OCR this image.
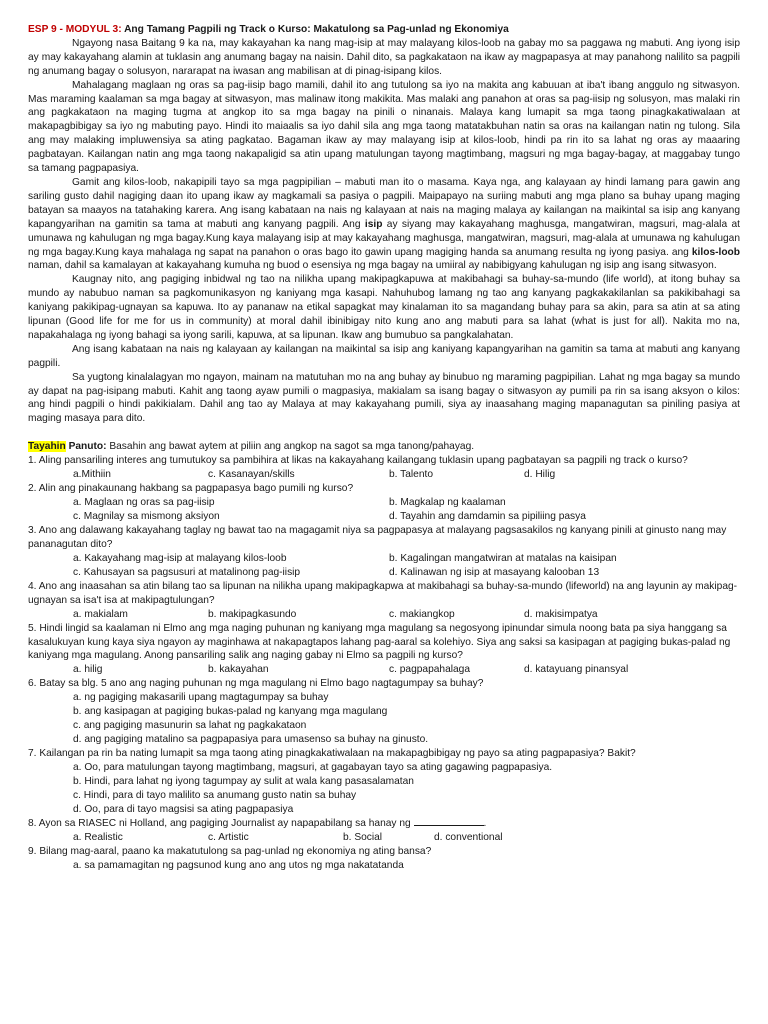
ESP 9 - MODYUL 3: Ang Tamang Pagpili ng Track o Kurso: Makatulong sa Pag-unlad ng Ekonomiya

Ngayong nasa Baitang 9 ka na, may kakayahan ka nang mag-isip at may malayang kilos-loob na gabay mo sa paggawa ng mabuti. Ang iyong isip ay may kakayahang alamin at tuklasin ang anumang bagay na naisin. Dahil dito, sa pagkakataon na ikaw ay magpapasya at may panahong nalilito sa pagpili ng anumang bagay o solusyon, nararapat na iwasan ang mabilisan at di pinag-isipang kilos.

Mahalagang maglaan ng oras sa pag-iisip bago mamili, dahil ito ang tutulong sa iyo na makita ang kabuuan at iba't ibang anggulo ng sitwasyon. Mas maraming kaalaman sa mga bagay at sitwasyon, mas malinaw itong makikita. Mas malaki ang panahon at oras sa pag-iisip ng solusyon, mas malaki rin ang pagkakataon na maging tugma at angkop ito sa mga bagay na pinili o ninanais. Malaya kang lumapit sa mga taong pinagkakatiwalaan at makapagbibigay sa iyo ng mabuting payo. Hindi ito maiaalis sa iyo dahil sila ang mga taong matatakbuhan natin sa oras na kailangan natin ng tulong. Sila ang may malaking impluwensiya sa ating pagkatao. Bagaman ikaw ay may malayang isip at kilos-loob, hindi pa rin ito sa lahat ng oras ay maaaring pagbatayan. Kailangan natin ang mga taong nakapaligid sa atin upang matulungan tayong magtimbang, magsuri ng mga bagay-bagay, at maggabay tungo sa tamang pagpapasiya.

Gamit ang kilos-loob, nakapipili tayo sa mga pagpipilian – mabuti man ito o masama. Kaya nga, ang kalayaan ay hindi lamang para gawin ang sariling gusto dahil nagiging daan ito upang ikaw ay magkamali sa pasiya o pagpili. Maipapayo na suriing mabuti ang mga plano sa buhay upang maging batayan sa maayos na tatahaking karera. Ang isang kabataan na nais ng kalayaan at nais na maging malaya ay kailangan na maikintal sa isip ang kanyang kapangyarihan na gamitin sa tama at mabuti ang kanyang pagpili. Ang isip ay siyang may kakayahang maghusga, mangatwiran, magsuri, mag-alala at umunawa ng kahulugan ng mga bagay.Kung kaya malayang isip at may kakayahang maghusga, mangatwiran, magsuri, mag-alala at umunawa ng kahulugan ng mga bagay.Kung kaya mahalaga ng sapat na panahon o oras bago ito gawin upang magiging handa sa anumang resulta ng iyong pasiya. ang kilos-loob naman, dahil sa kamalayan at kakayahang kumuha ng buod o esensiya ng mga bagay na umiiral ay nabibigyang kahulugan ng isip ang isang sitwasyon.

Kaugnay nito, ang pagiging inbidwal ng tao na nilikha upang makipagkapuwa at makibahagi sa buhay-sa-mundo (life world), at itong buhay sa mundo ay nabubuo naman sa pagkomunikasyon ng kaniyang mga kasapi. Nahuhubog lamang ng tao ang kanyang pagkakakilanlan sa pakikibahagi sa kaniyang pakikipag-ugnayan sa kapuwa. Ito ay pananaw na etikal sapagkat may kinalaman ito sa magandang buhay para sa akin, para sa atin at sa ating lipunan (Good life for me for us in community) at moral dahil ibinibigay nito kung ano ang mabuti para sa lahat (what is just for all). Nakita mo na, napakahalaga ng iyong bahagi sa iyong sarili, kapuwa, at sa lipunan. Ikaw ang bumubuo sa pangkalahatan.

Ang isang kabataan na nais ng kalayaan ay kailangan na maikintal sa isip ang kaniyang kapangyarihan na gamitin sa tama at mabuti ang kanyang pagpili.

Sa yugtong kinalalagyan mo ngayon, mainam na matutuhan mo na ang buhay ay binubuo ng maraming pagpipilian. Lahat ng mga bagay sa mundo ay dapat na pag-isipang mabuti. Kahit ang taong ayaw pumili o magpasiya, makialam sa isang bagay o sitwasyon ay pumili pa rin sa isang aksyon o kilos: ang hindi pagpili o hindi pakikialam. Dahil ang tao ay Malaya at may kakayahang pumili, siya ay inaasahang maging mapanagutan sa piniling pasiya at maging masaya para dito.

Tayahin Panuto: Basahin ang bawat aytem at piliin ang angkop na sagot sa mga tanong/pahayag.

1. Aling pansariling interes ang tumutukoy sa pambihira at likas na kakayahang kailangang tuklasin upang pagbatayan sa pagpili ng track o kurso?

a.Mithiin	c. Kasanayan/skills	b. Talento	d. Hilig

2. Alin ang pinakaunang hakbang sa pagpapasya bago pumili ng kurso?

a. Maglaan ng oras sa pag-iisip	b. Magkalap ng kaalaman
c. Magnilay sa mismong aksiyon	d. Tayahin ang damdamin sa pipiliing pasya

3. Ano ang dalawang kakayahang taglay ng bawat tao na magagamit niya sa pagpapasya at malayang pagsasakilos ng kanyang pinili at ginusto nang may pananagutan dito?

a. Kakayahang mag-isip at malayang kilos-loob	b. Kagalingan mangatwiran at matalas na kaisipan
c. Kahusayan sa pagsusuri at matalinong pag-iisip	d. Kalinawan ng isip at masayang kalooban 13

4. Ano ang inaasahan sa atin bilang tao sa lipunan na nilikha upang makipagkapwa at makibahagi sa buhay-sa-mundo (lifeworld) na ang layunin ay makipag-ugnayan sa isa't isa at makipagtulungan?

a. makialam	b. makipagkasundo	c. makiangkop	d. makisimpatya

5. Hindi lingid sa kaalaman ni Elmo ang mga naging puhunan ng kaniyang mga magulang sa negosyong ipinundar simula noong bata pa siya hanggang sa kasalukuyan kung kaya siya ngayon ay maginhawa at nakapagtapos lahang pag-aaral sa kolehiyo. Siya ang saksi sa kasipagan at pagiging bukas-palad ng kaniyang mga magulang. Anong pansariling salik ang naging gabay ni Elmo sa pagpili ng kurso?

a. hilig	b. kakayahan	c. pagpapahalaga	d. katayuang pinansyal

6. Batay sa blg. 5 ano ang naging puhunan ng mga magulang ni Elmo bago nagtagumpay sa buhay?

a. ng pagiging makasarili upang magtagumpay sa buhay

b. ang kasipagan at pagiging bukas-palad ng kanyang mga magulang

c. ang pagiging masunurin sa lahat ng pagkakataon

d. ang pagiging matalino sa pagpapasiya para umasenso sa buhay na ginusto.

7. Kailangan pa rin ba nating lumapit sa mga taong ating pinagkakatiwalaan na makapagbibigay ng payo sa ating pagpapasiya? Bakit?

a. Oo, para matulungan tayong magtimbang, magsuri, at gagabayan tayo sa ating gagawing pagpapasiya.

b. Hindi, para lahat ng iyong tagumpay ay sulit at wala kang pasasalamatan

c. Hindi, para di tayo malilito sa anumang gusto natin sa buhay

d. Oo, para di tayo magsisi sa ating pagpapasiya

8. Ayon sa RIASEC ni Holland, ang pagiging Journalist ay napapabilang sa hanay ng	.

a. Realistic	c. Artistic	b. Social	d. conventional

9. Bilang mag-aaral, paano ka makatutulong sa pag-unlad ng ekonomiya ng ating bansa?

a. sa pamamagitan ng pagsunod kung ano ang utos ng mga nakatatanda
